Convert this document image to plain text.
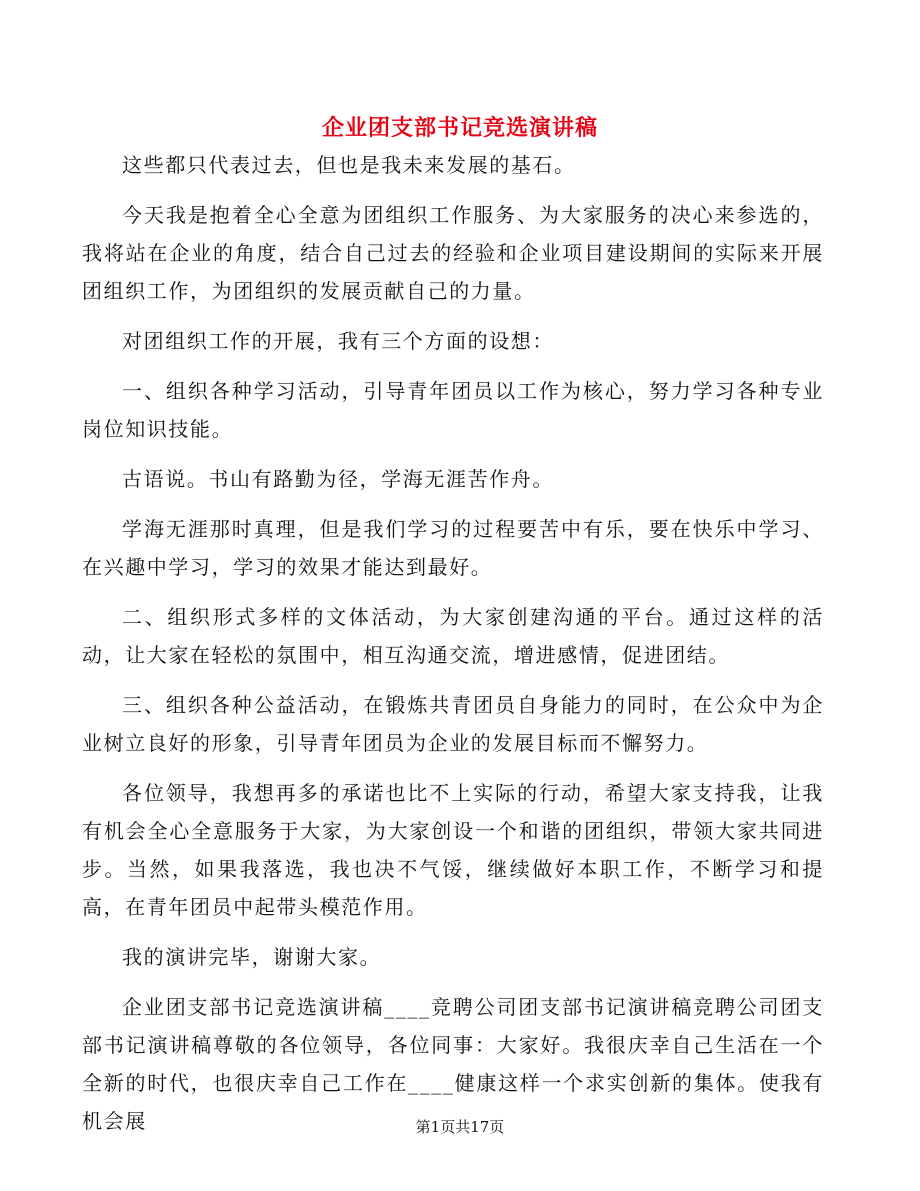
企业团支部书记竞选演讲稿

这些都只代表过去，但也是我未来发展的基石。

今天我是抱着全心全意为团组织工作服务、为大家服务的决心来参选的，我将站在企业的角度，结合自己过去的经验和企业项目建设期间的实际来开展团组织工作，为团组织的发展贡献自己的力量。

对团组织工作的开展，我有三个方面的设想：

一、组织各种学习活动，引导青年团员以工作为核心，努力学习各种专业岗位知识技能。

古语说。书山有路勤为径，学海无涯苦作舟。

学海无涯那时真理，但是我们学习的过程要苦中有乐，要在快乐中学习、在兴趣中学习，学习的效果才能达到最好。

二、组织形式多样的文体活动，为大家创建沟通的平台。通过这样的活动，让大家在轻松的氛围中，相互沟通交流，增进感情，促进团结。

三、组织各种公益活动，在锻炼共青团员自身能力的同时，在公众中为企业树立良好的形象，引导青年团员为企业的发展目标而不懈努力。

各位领导，我想再多的承诺也比不上实际的行动，希望大家支持我，让我有机会全心全意服务于大家，为大家创设一个和谐的团组织，带领大家共同进步。当然，如果我落选，我也决不气馁，继续做好本职工作，不断学习和提高，在青年团员中起带头模范作用。

我的演讲完毕，谢谢大家。

企业团支部书记竞选演讲稿____竞聘公司团支部书记演讲稿竞聘公司团支部书记演讲稿尊敬的各位领导，各位同事：大家好。我很庆幸自己生活在一个全新的时代，也很庆幸自己工作在____健康这样一个求实创新的集体。使我有机会展	第1页共17页
